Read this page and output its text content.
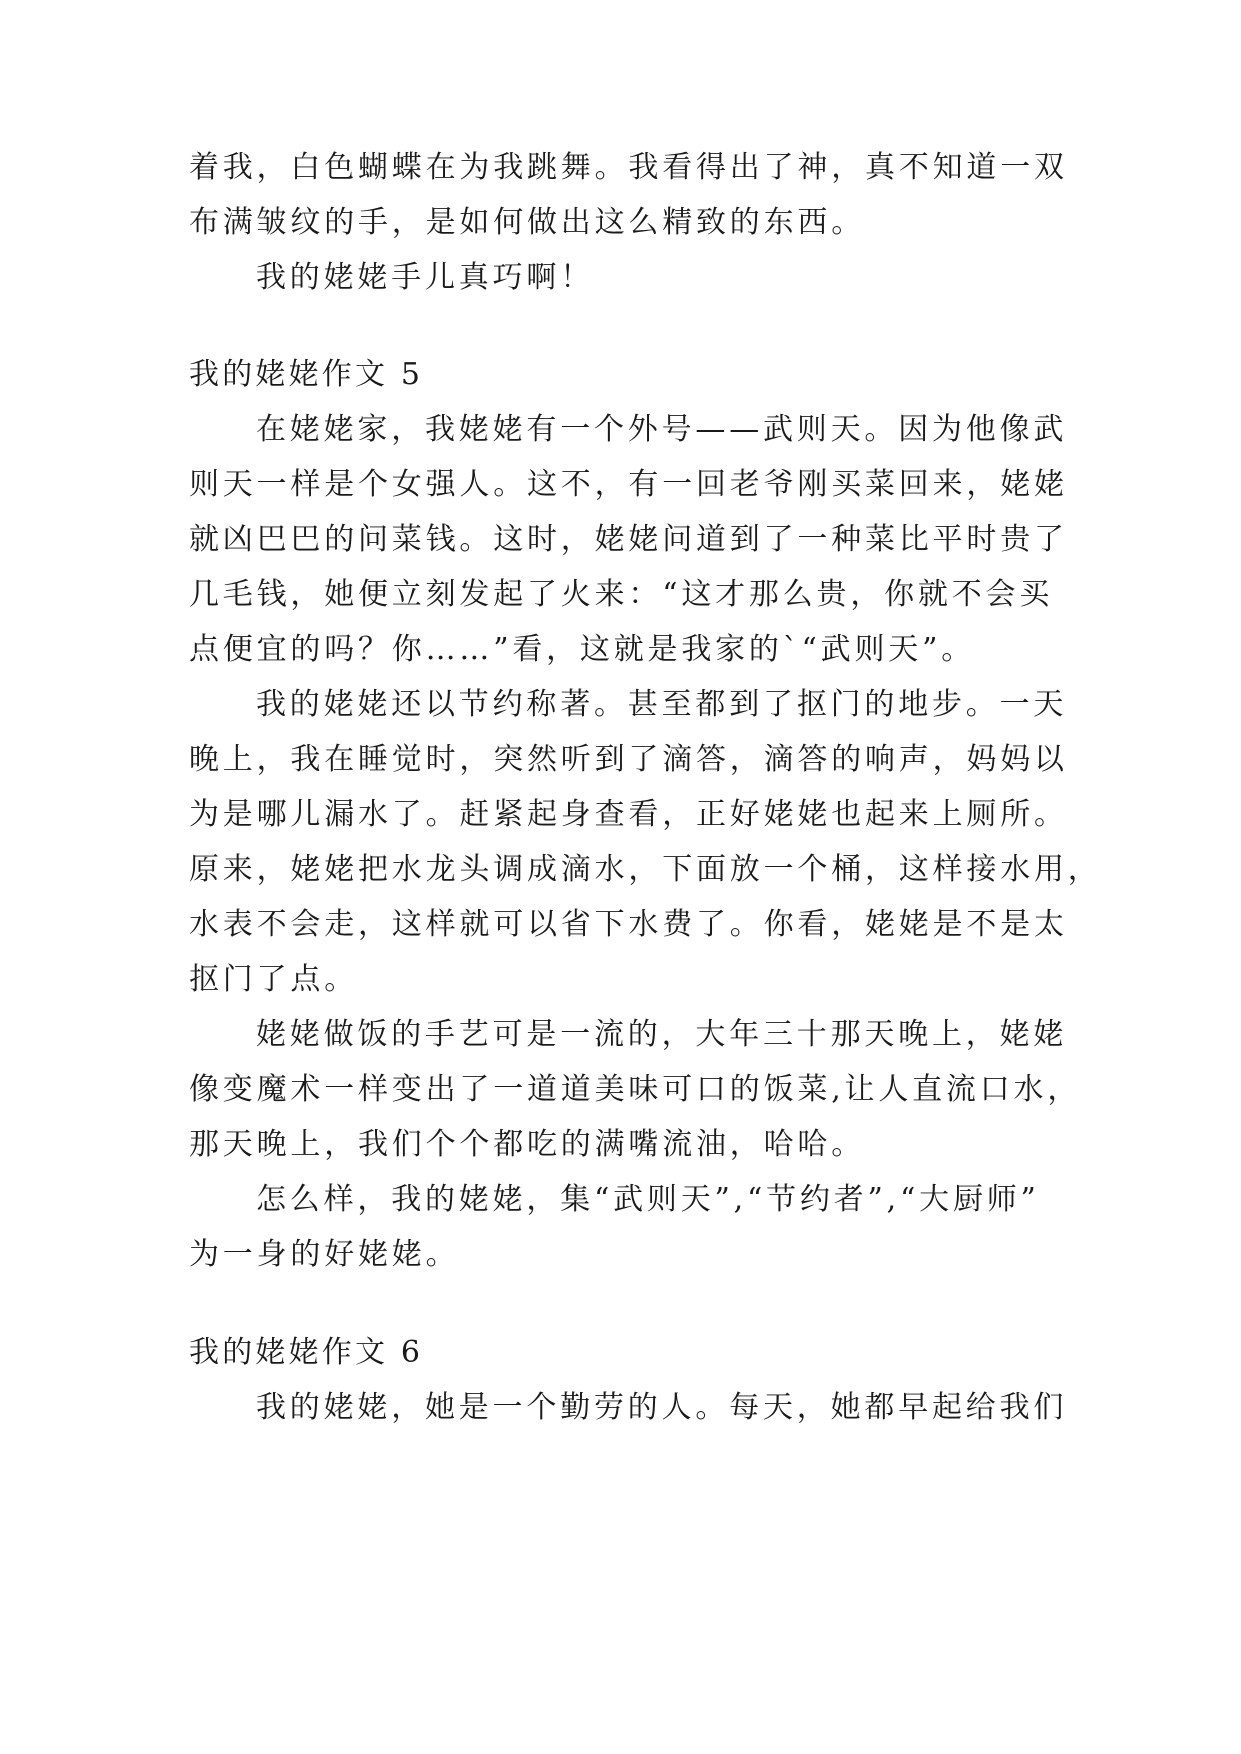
着我，白色蝴蝶在为我跳舞。我看得出了神，真不知道一双
布满皱纹的手，是如何做出这么精致的东西。
我的姥姥手儿真巧啊！
我的姥姥作文 5
在姥姥家，我姥姥有一个外号——武则天。因为他像武
则天一样是个女强人。这不，有一回老爷刚买菜回来，姥姥
就凶巴巴的问菜钱。这时，姥姥问道到了一种菜比平时贵了
几毛钱，她便立刻发起了火来：“这才那么贵，你就不会买
点便宜的吗？你……”看，这就是我家的`“武则天”。
我的姥姥还以节约称著。甚至都到了抠门的地步。一天
晚上，我在睡觉时，突然听到了滴答，滴答的响声，妈妈以
为是哪儿漏水了。赶紧起身查看，正好姥姥也起来上厕所。
原来，姥姥把水龙头调成滴水，下面放一个桶，这样接水用，
水表不会走，这样就可以省下水费了。你看，姥姥是不是太
抠门了点。
姥姥做饭的手艺可是一流的，大年三十那天晚上，姥姥
像变魔术一样变出了一道道美味可口的饭菜,让人直流口水，
那天晚上，我们个个都吃的满嘴流油，哈哈。
怎么样，我的姥姥，集“武则天”,“节约者”,“大厨师”
为一身的好姥姥。
我的姥姥作文 6
我的姥姥，她是一个勤劳的人。每天，她都早起给我们
